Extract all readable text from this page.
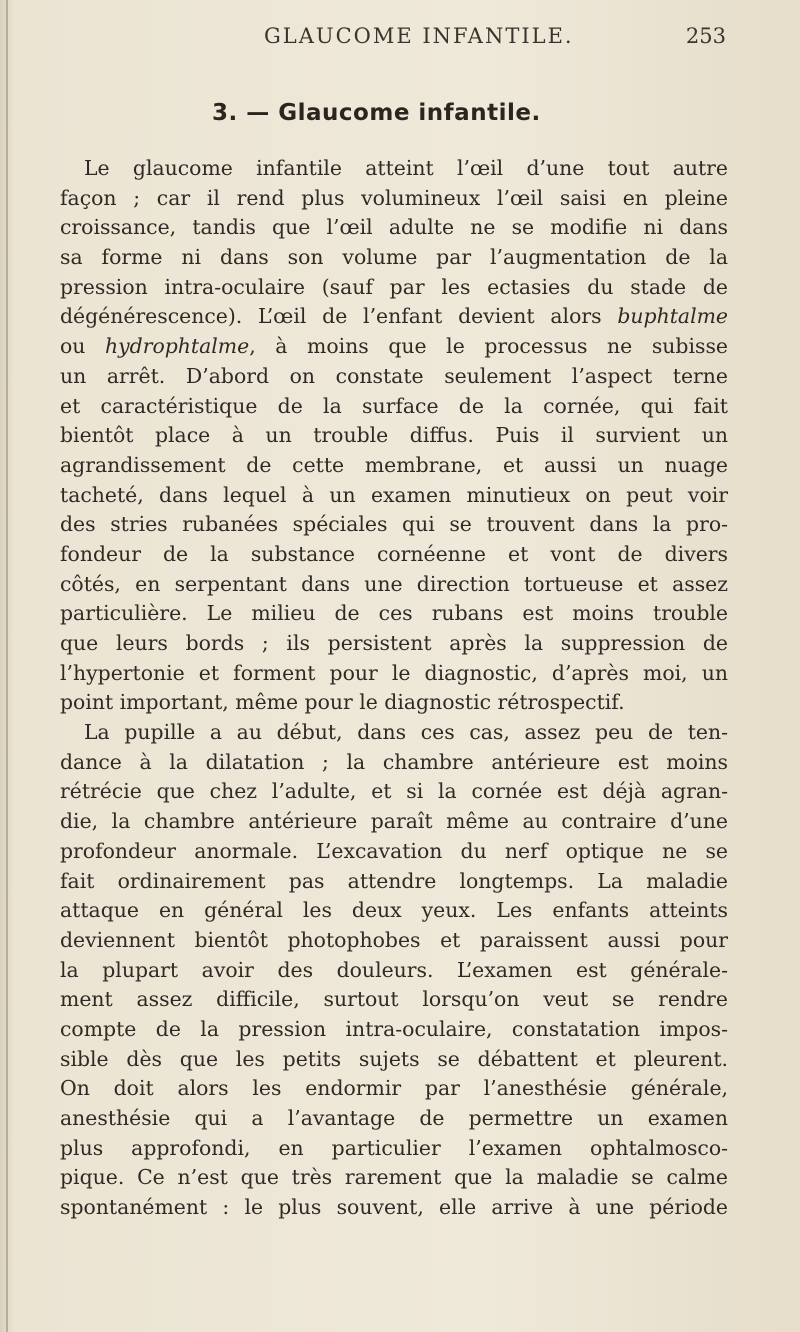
GLAUCOME INFANTILE.	253
3. — Glaucome infantile.
Le glaucome infantile atteint l’œil d’une tout autre
façon ; car il rend plus volumineux l’œil saisi en pleine
croissance, tandis que l’œil adulte ne se modifie ni dans
sa forme ni dans son volume par l’augmentation de la
pression intra-oculaire (sauf par les ectasies du stade de
dégénérescence). L’œil de l’enfant devient alors buphtalme
ou hydrophtalme, à moins que le processus ne subisse
un arrêt. D’abord on constate seulement l’aspect terne
et caractéristique de la surface de la cornée, qui fait
bientôt place à un trouble diffus. Puis il survient un
agrandissement de cette membrane, et aussi un nuage
tacheté, dans lequel à un examen minutieux on peut voir
des stries rubanées spéciales qui se trouvent dans la pro-
fondeur de la substance cornéenne et vont de divers
côtés, en serpentant dans une direction tortueuse et assez
particulière. Le milieu de ces rubans est moins trouble
que leurs bords ; ils persistent après la suppression de
l’hypertonie et forment pour le diagnostic, d’après moi, un
point important, même pour le diagnostic rétrospectif.
La pupille a au début, dans ces cas, assez peu de ten-
dance à la dilatation ; la chambre antérieure est moins
rétrécie que chez l’adulte, et si la cornée est déjà agran-
die, la chambre antérieure paraît même au contraire d’une
profondeur anormale. L’excavation du nerf optique ne se
fait ordinairement pas attendre longtemps. La maladie
attaque en général les deux yeux. Les enfants atteints
deviennent bientôt photophobes et paraissent aussi pour
la plupart avoir des douleurs. L’examen est générale-
ment assez difficile, surtout lorsqu’on veut se rendre
compte de la pression intra-oculaire, constatation impos-
sible dès que les petits sujets se débattent et pleurent.
On doit alors les endormir par l’anesthésie générale,
anesthésie qui a l’avantage de permettre un examen
plus approfondi, en particulier l’examen ophtalmosco-
pique. Ce n’est que très rarement que la maladie se calme
spontanément : le plus souvent, elle arrive à une période
